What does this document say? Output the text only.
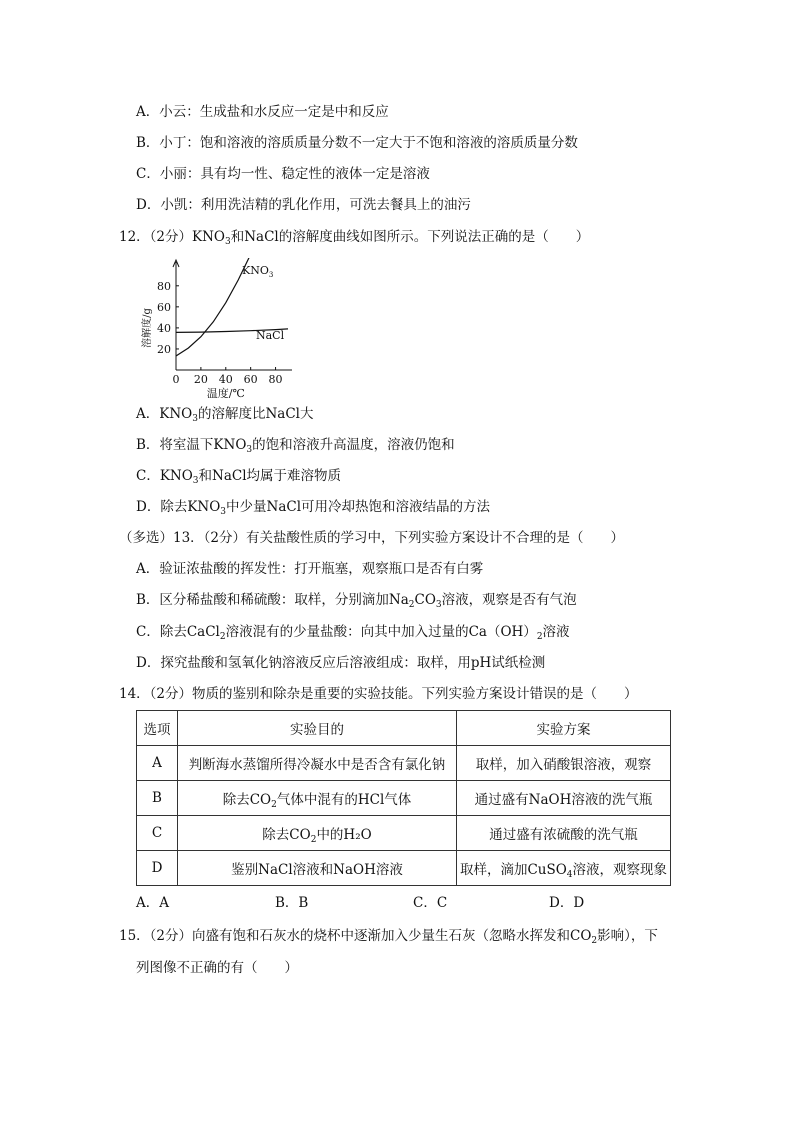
A．小云：生成盐和水反应一定是中和反应
B．小丁：饱和溶液的溶质质量分数不一定大于不饱和溶液的溶质质量分数
C．小丽：具有均一性、稳定性的液体一定是溶液
D．小凯：利用洗洁精的乳化作用，可洗去餐具上的油污
12．（2分）$KNO_3$和NaCl的溶解度曲线如图所示。下列说法正确的是（　　）
0 20 40 60 80
20
40
60
80
$KNO_3$
NaCl
溶解度/g
温度/℃
A．$KNO_3$的溶解度比NaCl大
B．将室温下$KNO_3$的饱和溶液升高温度，溶液仍饱和
C．$KNO_3$和NaCl均属于难溶物质
D．除去$KNO_3$中少量NaCl可用冷却热饱和溶液结晶的方法
（多选）13．（2分）有关盐酸性质的学习中，下列实验方案设计不合理的是（　　）
A．验证浓盐酸的挥发性：打开瓶塞，观察瓶口是否有白雾
B．区分稀盐酸和稀硫酸：取样，分别滴加$Na_2CO_3$溶液，观察是否有气泡
C．除去CaCl$_2$溶液混有的少量盐酸：向其中加入过量的$Ca(OH)_2$溶液
D．探究盐酸和氢氧化钠溶液反应后溶液组成：取样，用pH试纸检测
14．（2分）物质的鉴别和除杂是重要的实验技能。下列实验方案设计错误的是（　　）
选项	实验目的	实验方案
A	判断海水蒸馏所得冷凝水中是否含有氯化钠	取样，加入硝酸银溶液，观察
B	除去$CO_2$气体中混有的HCl气体	通过盛有NaOH溶液的洗气瓶
C	除去$CO_2$中的H₂O	通过盛有浓硫酸的洗气瓶
D	鉴别NaCl溶液和NaOH溶液	取样，滴加CuSO$_4$溶液，观察现象
A．A	B．B	C．C	D．D
15．（2分）向盛有饱和石灰水的烧杯中逐渐加入少量生石灰（忽略水挥发和$CO_2$影响），下
列图像不正确的有（　　）
